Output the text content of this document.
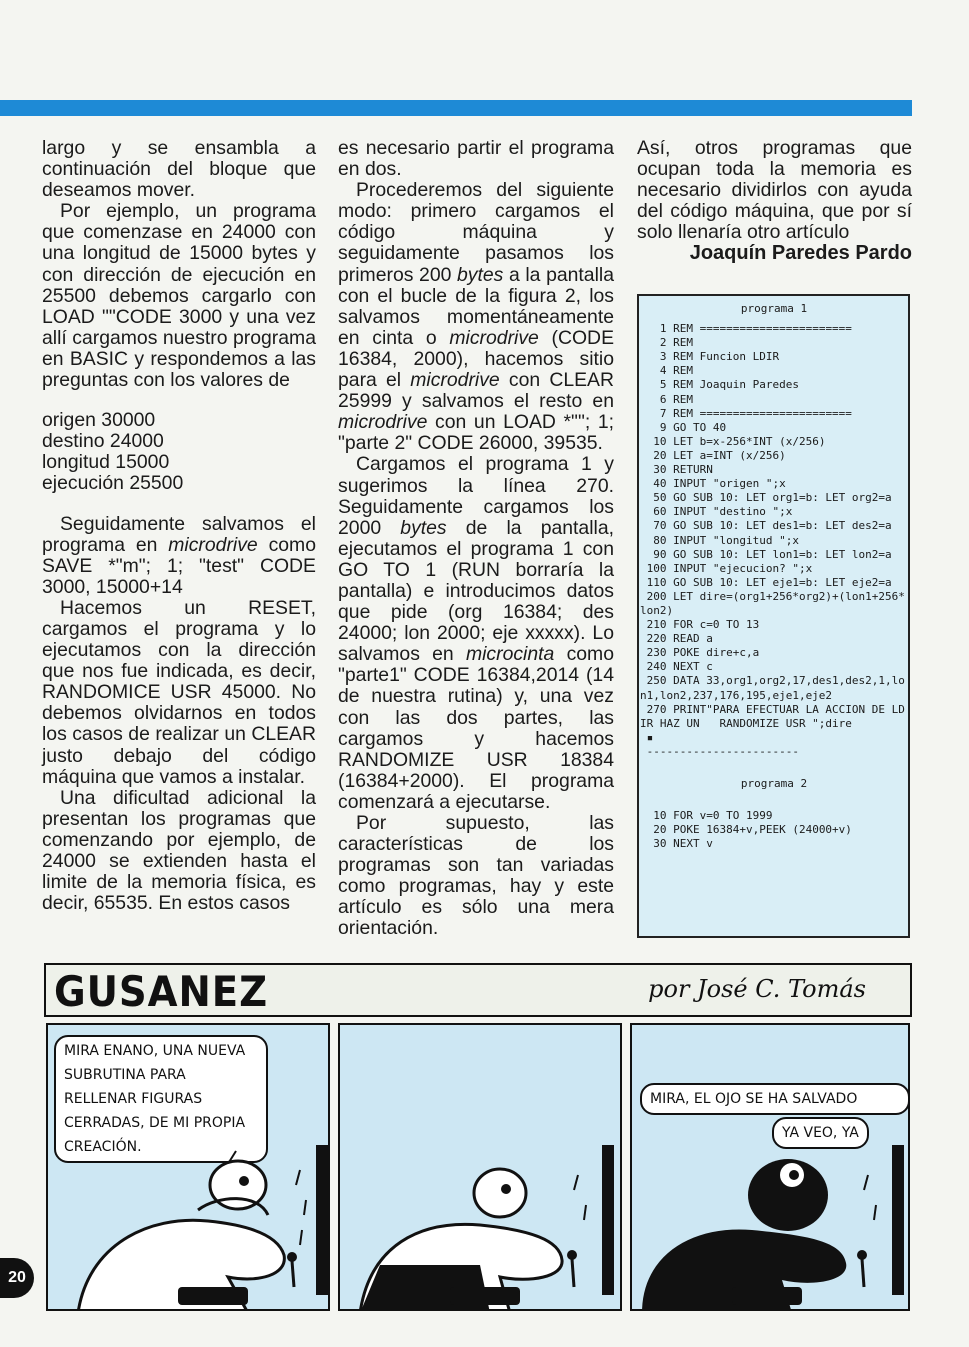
largo y se ensambla a continuación del bloque que deseamos mover.

Por ejemplo, un programa que comenzase en 24000 con una longitud de 15000 bytes y con dirección de ejecución en 25500 debemos cargarlo con LOAD ""CODE 3000 y una vez allí cargamos nuestro programa en BASIC y respondemos a las preguntas con los valores de

origen 30000

destino 24000

longitud 15000

ejecución 25500

Seguidamente salvamos el programa en microdrive como SAVE *"m"; 1; "test" CODE 3000, 15000+14

Hacemos un RESET, cargamos el programa y lo ejecutamos con la dirección que nos fue indicada, es decir, RANDOMICE USR 45000. No debemos olvidarnos en todos los casos de realizar un CLEAR justo debajo del código máquina que vamos a instalar.

Una dificultad adicional la presentan los programas que comenzando por ejemplo, de 24000 se extienden hasta el limite de la memoria física, es decir, 65535. En estos casos

es necesario partir el programa en dos.

Procederemos del siguiente modo: primero cargamos el código máquina y seguidamente pasamos los primeros 200 bytes a la pantalla con el bucle de la figura 2, los salvamos momentáneamente en cinta o microdrive (CODE 16384, 2000), hacemos sitio para el microdrive con CLEAR 25999 y salvamos el resto en microdrive con un LOAD *""; 1; "parte 2" CODE 26000, 39535.

Cargamos el programa 1 y sugerimos la línea 270. Seguidamente cargamos los 2000 bytes de la pantalla, ejecutamos el programa 1 con GO TO 1 (RUN borraría la pantalla) e introducimos datos que pide (org 16384; des 24000; lon 2000; eje xxxxx). Lo salvamos en microcinta como "parte1" CODE 16384,2014 (14 de nuestra rutina) y, una vez con las dos partes, las cargamos y hacemos RANDOMIZE USR 18384 (16384+2000). El programa comenzará a ejecutarse.

Por supuesto, las características de los programas son tan variadas como programas, hay y este artículo es sólo una mera orientación.

Así, otros programas que ocupan toda la memoria es necesario dividirlos con ayuda del código máquina, que por sí solo llenaría otro artículo

Joaquín Paredes Pardo

programa 1
1 REM =======================
2 REM
3 REM Funcion LDIR
4 REM
5 REM Joaquin Paredes
6 REM
7 REM =======================
9 GO TO 40
10 LET b=x-256*INT (x/256)
20 LET a=INT (x/256)
30 RETURN
40 INPUT "origen ";x
50 GO SUB 10: LET org1=b: LET org2=a
60 INPUT "destino ";x
70 GO SUB 10: LET des1=b: LET des2=a
80 INPUT "longitud ";x
90 GO SUB 10: LET lon1=b: LET lon2=a
100 INPUT "ejecucion? ";x
110 GO SUB 10: LET eje1=b: LET eje2=a
200 LET dire=(org1+256*org2)+(lon1+256*lon2)
210 FOR c=0 TO 13
220 READ a
230 POKE dire+c,a
240 NEXT c
250 DATA 33,org1,org2,17,des1,des2,1,lon1,lon2,237,176,195,eje1,eje2
270 PRINT"PARA EFECTUAR LA ACCION DE LDIR HAZ UN   RANDOMIZE USR ";dire
▪
-----------------------
programa 2
10 FOR v=0 TO 1999
20 POKE 16384+v,PEEK (24000+v)
30 NEXT v
GUSANEZ	por José C. Tomás
MIRA ENANO, UNA NUEVA SUBRUTINA PARA RELLENAR FIGURAS CERRADAS, DE MI PROPIA CREACIÓN.
MIRA, EL OJO SE HA SALVADO
YA VEO, YA
20
